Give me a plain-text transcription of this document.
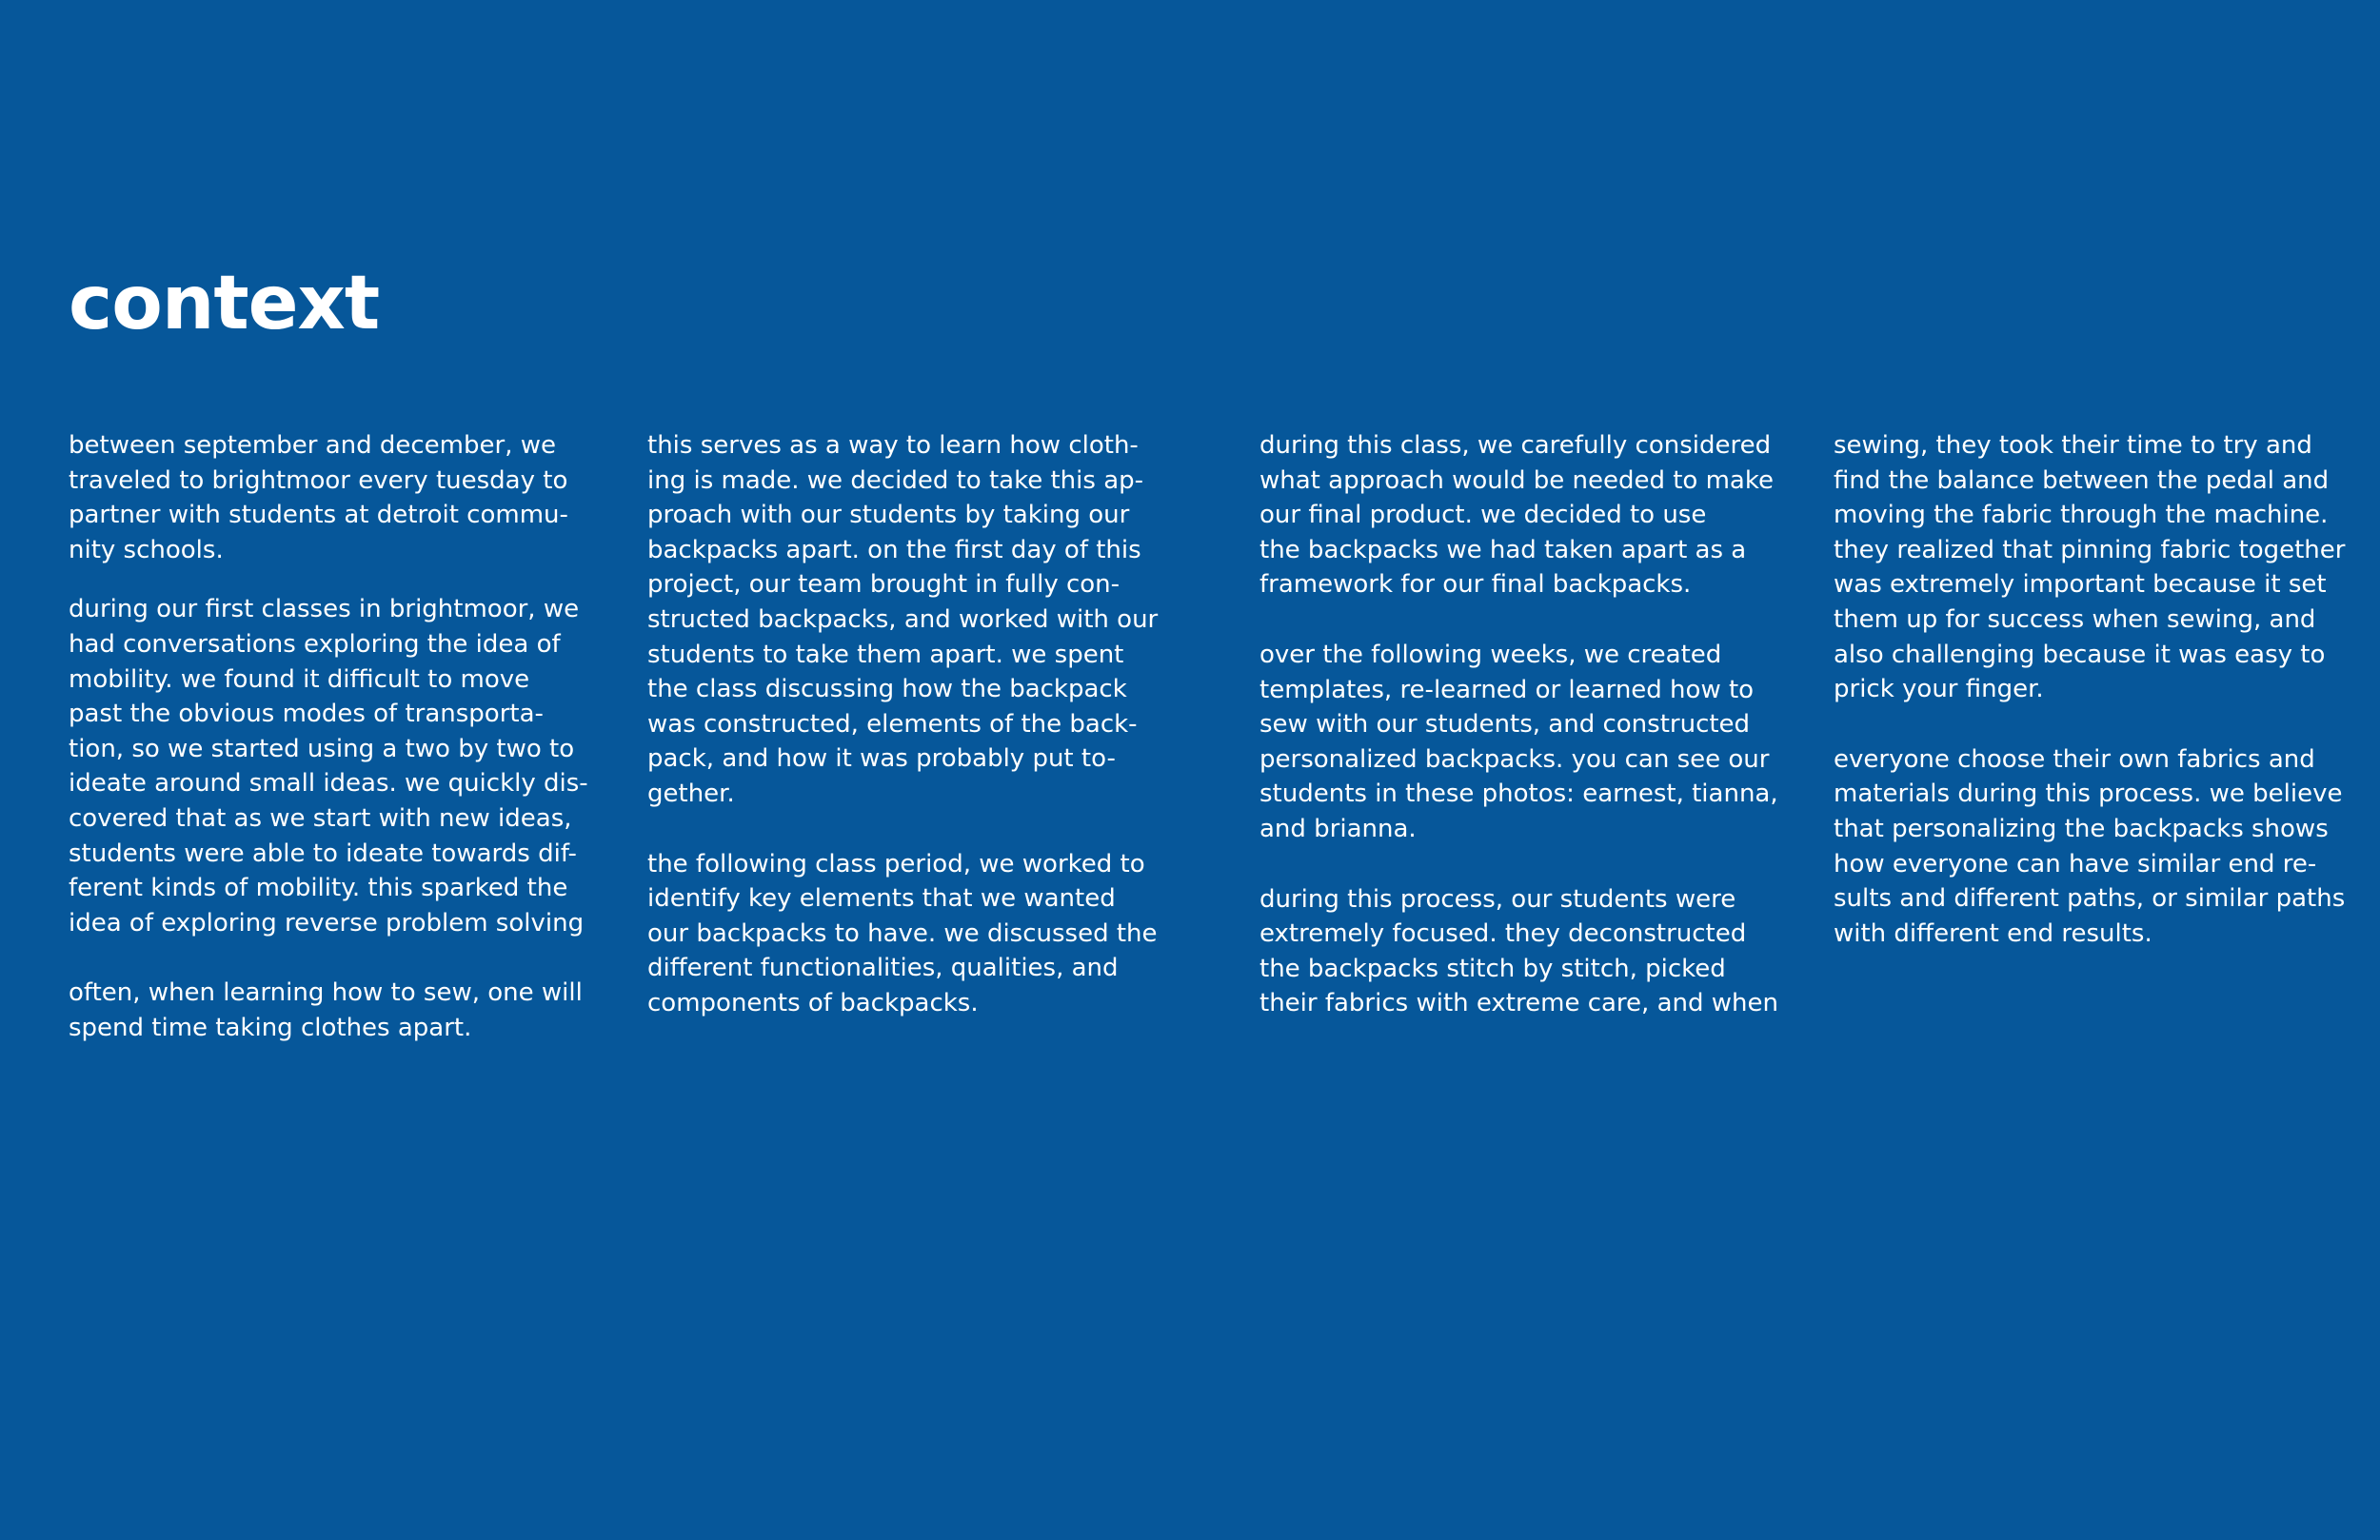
context

between september and december, we
traveled to brightmoor every tuesday to
partner with students at detroit commu-
nity schools.

during our first classes in brightmoor, we
had conversations exploring the idea of
mobility. we found it difficult to move
past the obvious modes of transporta-
tion, so we started using a two by two to
ideate around small ideas. we quickly dis-
covered that as we start with new ideas,
students were able to ideate towards dif-
ferent kinds of mobility. this sparked the
idea of exploring reverse problem solving

often, when learning how to sew, one will
spend time taking clothes apart.

this serves as a way to learn how cloth-
ing is made. we decided to take this ap-
proach with our students by taking our
backpacks apart. on the first day of this
project, our team brought in fully con-
structed backpacks, and worked with our
students to take them apart. we spent
the class discussing how the backpack
was constructed, elements of the back-
pack, and how it was probably put to-
gether.

the following class period, we worked to
identify key elements that we wanted
our backpacks to have. we discussed the
different functionalities, qualities, and
components of backpacks.

during this class, we carefully considered
what approach would be needed to make
our final product. we decided to use
the backpacks we had taken apart as a
framework for our final backpacks.

over the following weeks, we created
templates, re-learned or learned how to
sew with our students, and constructed
personalized backpacks. you can see our
students in these photos: earnest, tianna,
and brianna.

during this process, our students were
extremely focused. they deconstructed
the backpacks stitch by stitch, picked
their fabrics with extreme care, and when

sewing, they took their time to try and
find the balance between the pedal and
moving the fabric through the machine.
they realized that pinning fabric together
was extremely important because it set
them up for success when sewing, and
also challenging because it was easy to
prick your finger.

everyone choose their own fabrics and
materials during this process. we believe
that personalizing the backpacks shows
how everyone can have similar end re-
sults and different paths, or similar paths
with different end results.
